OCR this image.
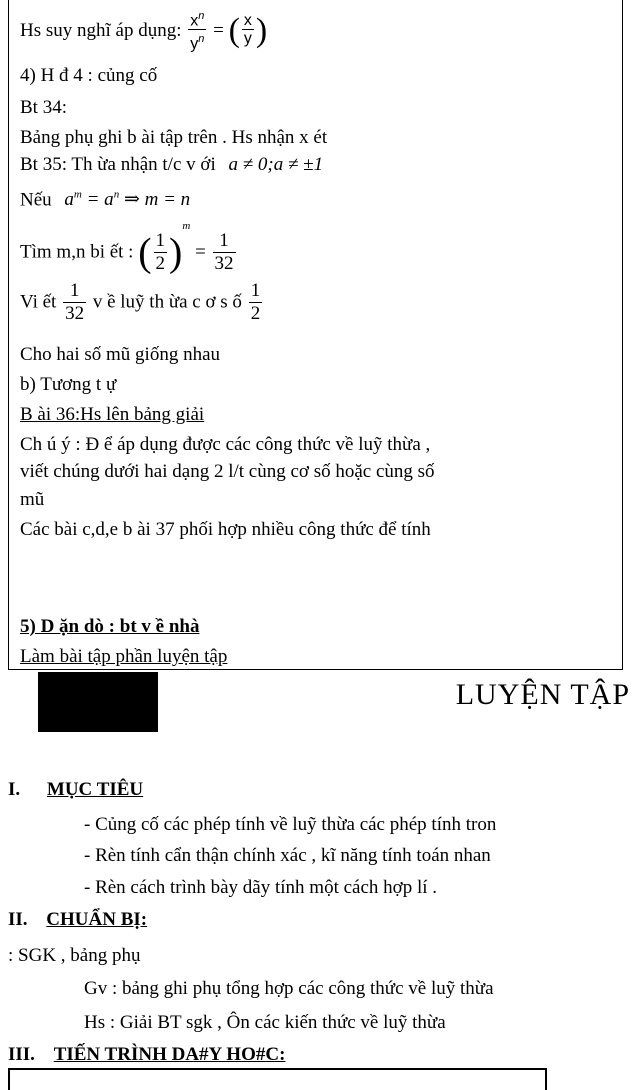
Hs suy nghĩ áp dụng: $\frac{x^n}{y^n}$ = ( $\frac{x}{y}$ )
4) H đ 4 : củng cố
Bt 34:
Bảng phụ ghi b ài tập trên . Hs nhận x ét
Bt 35: Th ừa nhận t/c v ới a ≠ 0;a ≠ ±1
Nếu $a^m = a^n$ ⇒ m = n
Tìm m,n bi ết : ( $\frac{1}{2} )^m = \frac{1}{32}$
Vi ết $\frac{1}{32}$ v ề luỹ th ừa c ơ s ố $\frac{1}{2}$
Cho hai số mũ giống nhau
b) Tương t ự
B ài 36:Hs lên bảng giải
Ch ú ý : Đ ể áp dụng được các công thức về luỹ thừa ,
viết chúng dưới hai dạng 2 l/t cùng cơ số hoặc cùng số
mũ
Các bài c,d,e b ài 37 phối hợp nhiều công thức để tính
5) D ặn dò : bt v ề nhà
Làm bài tập phần luyện tập
LUYỆN TẬP
I. MỤC TIÊU
- Củng cố các phép tính về luỹ thừa các phép tính tron
- Rèn tính cẩn thận chính xác , kĩ năng tính toán nhan
- Rèn cách trình bày dãy tính một cách hợp lí .
II. CHUẨN BỊ:
: SGK , bảng phụ
Gv : bảng ghi phụ tổng hợp các công thức về luỹ thừa
Hs : Giải BT sgk , Ôn các kiến thức về luỹ thừa
III. TIẾN TRÌNH DA#Y HO#C:
